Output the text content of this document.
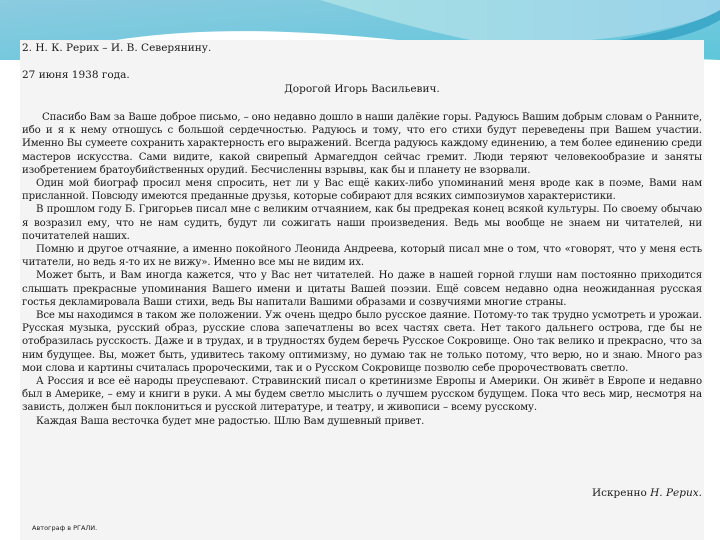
2. Н. К. Рерих – И. В. Северянину.
27 июня 1938 года.
Дорогой Игорь Васильевич.

Спасибо Вам за Ваше доброе письмо, – оно недавно дошло в наши далёкие горы. Радуюсь Вашим добрым словам о Ранните, ибо и я к нему отношусь с большой сердечностью. Радуюсь и тому, что его стихи будут переведены при Вашем участии. Именно Вы сумеете сохранить характерность его выражений. Всегда радуюсь каждому единению, а тем более единению среди мастеров искусства. Сами видите, какой свирепый Армагеддон сейчас гремит. Люди теряют человекообразие и заняты изобретением братоубийственных орудий. Бесчисленны взрывы, как бы и планету не взорвали.

Один мой биограф просил меня спросить, нет ли у Вас ещё каких-либо упоминаний меня вроде как в поэме, Вами нам присланной. Повсюду имеются преданные друзья, которые собирают для всяких симпозиумов характеристики.

В прошлом году Б. Григорьев писал мне с великим отчаянием, как бы предрекая конец всякой культуры. По своему обычаю я возразил ему, что не нам судить, будут ли сожигать наши произведения. Ведь мы вообще не знаем ни читателей, ни почитателей наших.

Помню и другое отчаяние, а именно покойного Леонида Андреева, который писал мне о том, что «говорят, что у меня есть читатели, но ведь я-то их не вижу». Именно все мы не видим их.

Может быть, и Вам иногда кажется, что у Вас нет читателей. Но даже в нашей горной глуши нам постоянно приходится слышать прекрасные упоминания Вашего имени и цитаты Вашей поэзии. Ещё совсем недавно одна неожиданная русская гостья декламировала Ваши стихи, ведь Вы напитали Вашими образами и созвучиями многие страны.

Все мы находимся в таком же положении. Уж очень щедро было русское даяние. Потому-то так трудно усмотреть и урожаи. Русская музыка, русский образ, русские слова запечатлены во всех частях света. Нет такого дальнего острова, где бы не отобразилась русскость. Даже и в трудах, и в трудностях будем беречь Русское Сокровище. Оно так велико и прекрасно, что за ним будущее. Вы, может быть, удивитесь такому оптимизму, но думаю так не только потому, что верю, но и знаю. Много раз мои слова и картины считалась пророческими, так и о Русском Сокровище позволю себе пророчествовать светло.

А Россия и все её народы преуспевают. Стравинский писал о кретинизме Европы и Америки. Он живёт в Европе и недавно был в Америке, – ему и книги в руки. А мы будем светло мыслить о лучшем русском будущем. Пока что весь мир, несмотря на зависть, должен был поклониться и русской литературе, и театру, и живописи – всему русскому.

Каждая Ваша весточка будет мне радостью. Шлю Вам душевный привет.

Искренно Н. Рерих.
Автограф в РГАЛИ.
